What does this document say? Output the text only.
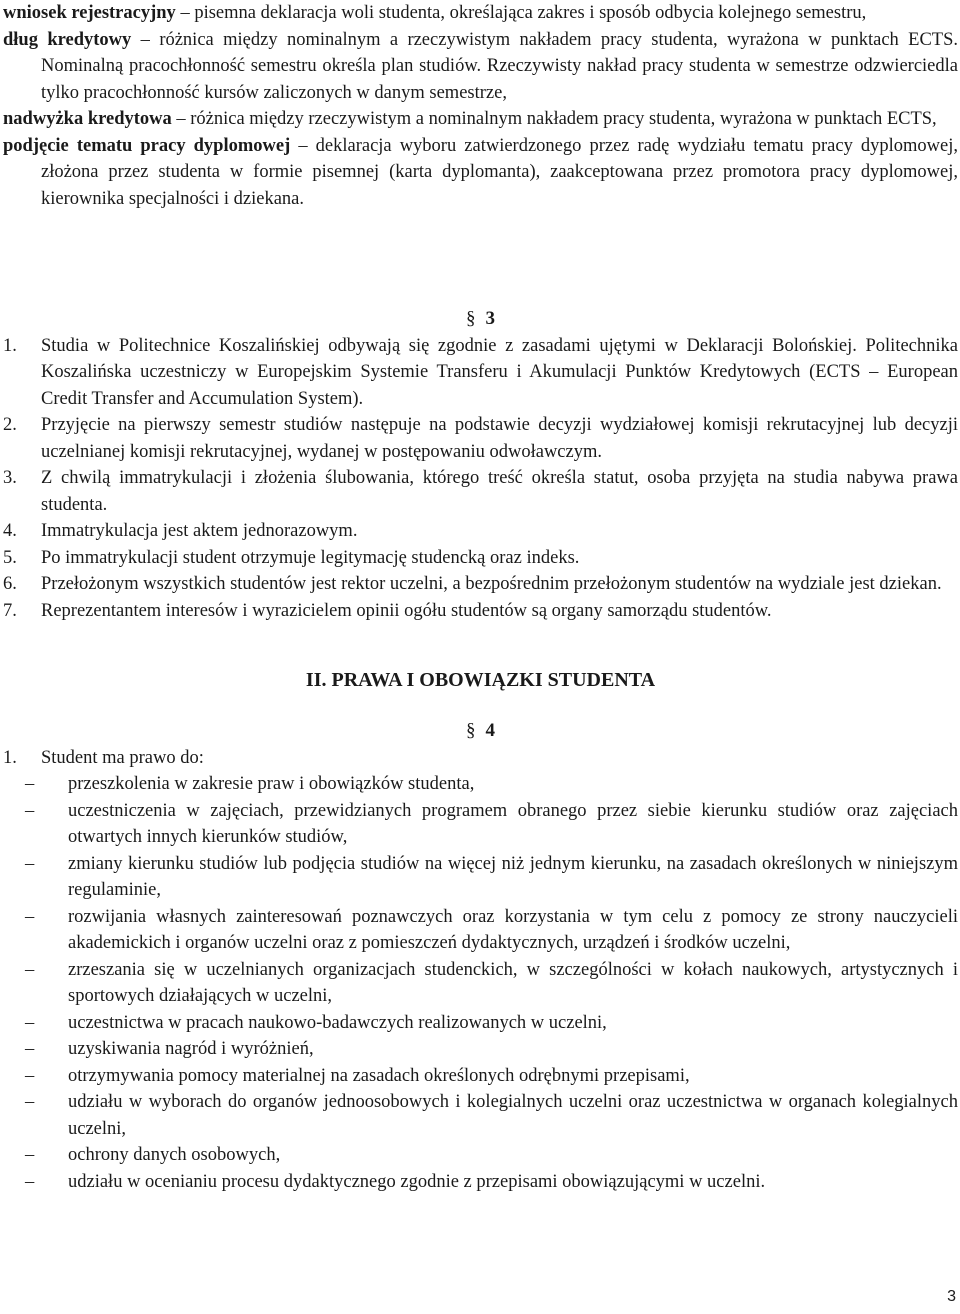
wniosek rejestracyjny – pisemna deklaracja woli studenta, określająca zakres i sposób odbycia kolejnego semestru,

dług kredytowy – różnica między nominalnym a rzeczywistym nakładem pracy studenta, wyrażona w punktach ECTS. Nominalną pracochłonność semestru określa plan studiów. Rzeczywisty nakład pracy studenta w semestrze odzwierciedla tylko pracochłonność kursów zaliczonych w danym semestrze,

nadwyżka kredytowa – różnica między rzeczywistym a nominalnym nakładem pracy studenta, wyrażona w punktach ECTS,

podjęcie tematu pracy dyplomowej – deklaracja wyboru zatwierdzonego przez radę wydziału tematu pracy dyplomowej, złożona przez studenta w formie pisemnej (karta dyplomanta), zaakceptowana przez promotora pracy dyplomowej, kierownika specjalności i dziekana.

§ 3

1. Studia w Politechnice Koszalińskiej odbywają się zgodnie z zasadami ujętymi w Deklaracji Bolońskiej. Politechnika Koszalińska uczestniczy w Europejskim Systemie Transferu i Akumulacji Punktów Kredytowych (ECTS – European Credit Transfer and Accumulation System).
2. Przyjęcie na pierwszy semestr studiów następuje na podstawie decyzji wydziałowej komisji rekrutacyjnej lub decyzji uczelnianej komisji rekrutacyjnej, wydanej w postępowaniu odwoławczym.
3. Z chwilą immatrykulacji i złożenia ślubowania, którego treść określa statut, osoba przyjęta na studia nabywa prawa studenta.
4. Immatrykulacja jest aktem jednorazowym.
5. Po immatrykulacji student otrzymuje legitymację studencką oraz indeks.
6. Przełożonym wszystkich studentów jest rektor uczelni, a bezpośrednim przełożonym studentów na wydziale jest dziekan.
7. Reprezentantem interesów i wyrazicielem opinii ogółu studentów są organy samorządu studentów.

II. PRAWA I OBOWIĄZKI STUDENTA

§ 4

1. Student ma prawo do:
– przeszkolenia w zakresie praw i obowiązków studenta,
– uczestniczenia w zajęciach, przewidzianych programem obranego przez siebie kierunku studiów oraz zajęciach otwartych innych kierunków studiów,
– zmiany kierunku studiów lub podjęcia studiów na więcej niż jednym kierunku, na zasadach określonych w niniejszym regulaminie,
– rozwijania własnych zainteresowań poznawczych oraz korzystania w tym celu z pomocy ze strony nauczycieli akademickich i organów uczelni oraz z pomieszczeń dydaktycznych, urządzeń i środków uczelni,
– zrzeszania się w uczelnianych organizacjach studenckich, w szczególności w kołach naukowych, artystycznych i sportowych działających w uczelni,
– uczestnictwa w pracach naukowo-badawczych realizowanych w uczelni,
– uzyskiwania nagród i wyróżnień,
– otrzymywania pomocy materialnej na zasadach określonych odrębnymi przepisami,
– udziału w wyborach do organów jednoosobowych i kolegialnych uczelni oraz uczestnictwa w organach kolegialnych uczelni,
– ochrony danych osobowych,
– udziału w ocenianiu procesu dydaktycznego zgodnie z przepisami obowiązującymi w uczelni.
3
